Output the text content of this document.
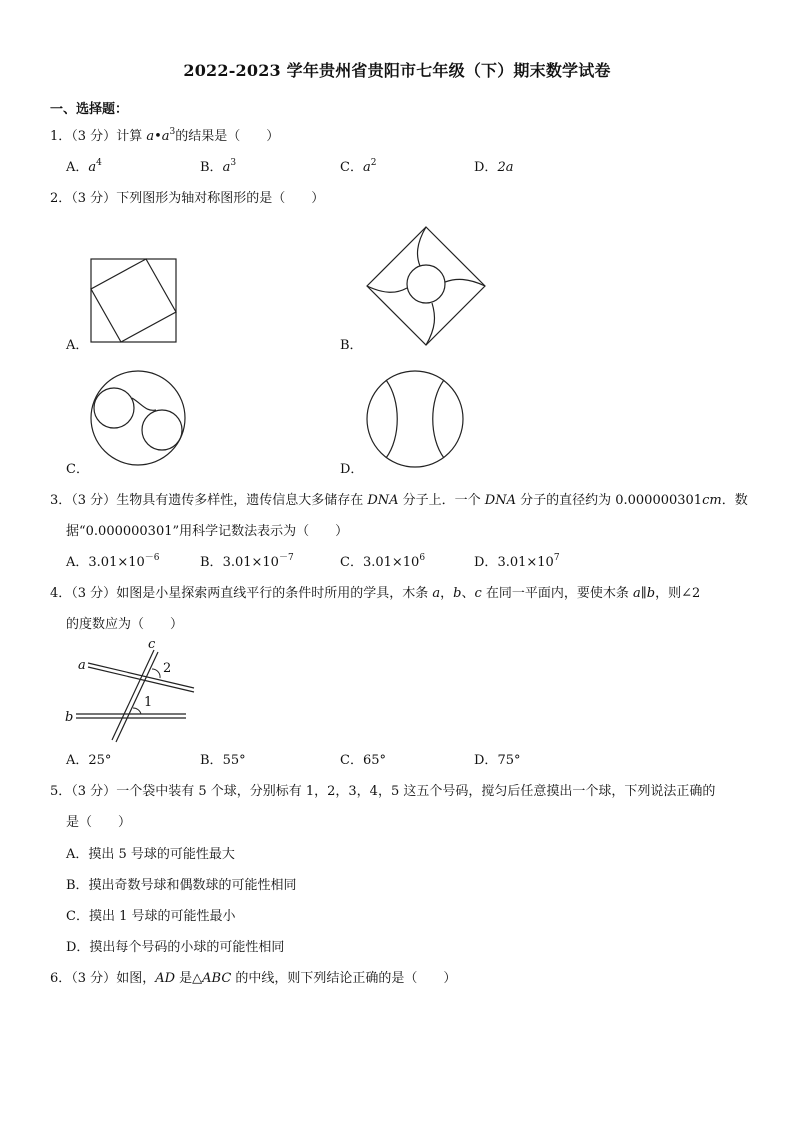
2022-2023 学年贵州省贵阳市七年级（下）期末数学试卷
一、选择题：
1．（3 分）计算 $a•a^3$的结果是（　　）
A．$a^4$	B．$a^3$	C．$a^2$	D．2a
2．（3 分）下列图形为轴对称图形的是（　　）
A．	B．
C．	D．
3．（3 分）生物具有遗传多样性，遗传信息大多储存在 DNA 分子上．一个 DNA 分子的直径约为 0.000000301cm．数
据“0.000000301”用科学记数法表示为（　　）
A．$3.01\times 10^{-6}$	B．$3.01\times 10^{-7}$	C．$3.01\times 10^6$	D．$3.01\times 10^7$
4．（3 分）如图是小星探索两直线平行的条件时所用的学具，木条 a，b、c 在同一平面内，要使木条 a∥b，则∠2
的度数应为（　　）
a
b
c
2
1
A．25°	B．55°	C．65°	D．75°
5．（3 分）一个袋中装有 5 个球，分别标有 1，2，3，4，5 这五个号码，搅匀后任意摸出一个球，下列说法正确的
是（　　）
A．摸出 5 号球的可能性最大
B．摸出奇数号球和偶数球的可能性相同
C．摸出 1 号球的可能性最小
D．摸出每个号码的小球的可能性相同
6．（3 分）如图，AD 是△ABC 的中线，则下列结论正确的是（　　）
